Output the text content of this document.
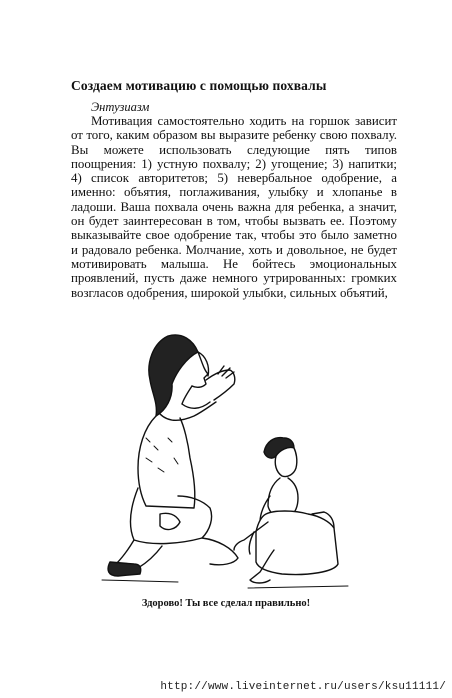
Создаем мотивацию с помощью похвалы
Энтузиазм

Мотивация самостоятельно ходить на горшок зависит от того, каким образом вы выразите ребенку свою похвалу. Вы можете использовать следующие пять типов поощрения: 1) устную похвалу; 2) угощение; 3) напитки; 4) список авторитетов; 5) невербальное одобрение, а именно: объятия, поглаживания, улыбку и хлопанье в ладоши. Ваша похвала очень важна для ребенка, а значит, он будет заинтересован в том, чтобы вызвать ее. Поэтому выказывайте свое одобрение так, чтобы это было заметно и радовало ребенка. Молчание, хоть и довольное, не будет мотивировать малыша. Не бойтесь эмоциональных проявлений, пусть даже немного утрированных: громких возгласов одобрения, широкой улыбки, сильных объятий,

Здорово! Ты все сделал правильно!
http://www.liveinternet.ru/users/ksu11111/
